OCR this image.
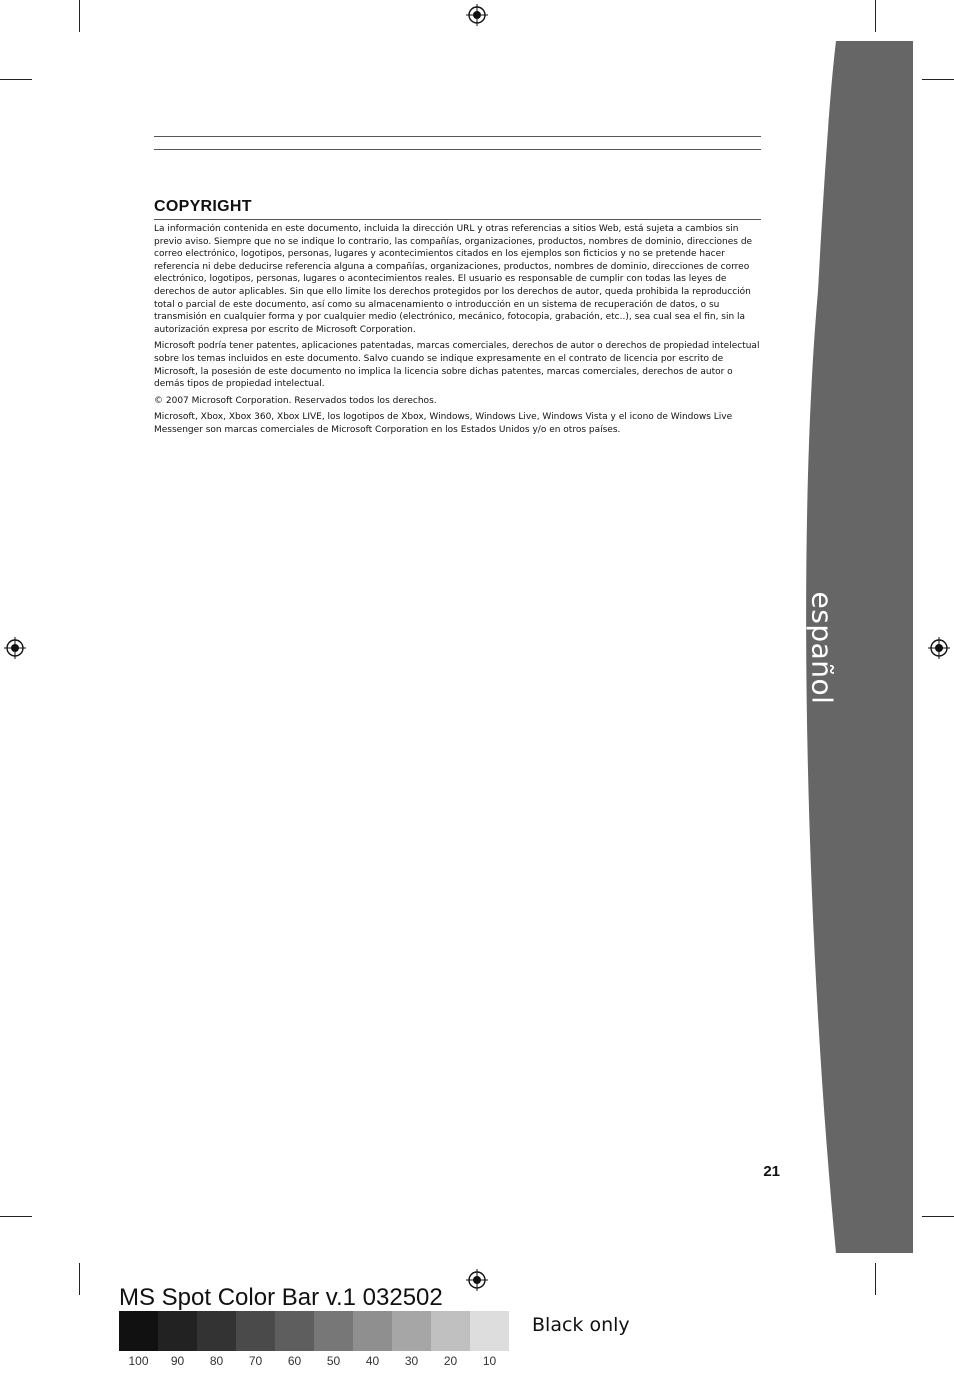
COPYRIGHT

La información contenida en este documento, incluida la dirección URL y otras referencias a sitios Web, está sujeta a cambios sin previo aviso. Siempre que no se indique lo contrario, las compañías, organizaciones, productos, nombres de dominio, direcciones de correo electrónico, logotipos, personas, lugares y acontecimientos citados en los ejemplos son ficticios y no se pretende hacer referencia ni debe deducirse referencia alguna a compañías, organizaciones, productos, nombres de dominio, direcciones de correo electrónico, logotipos, personas, lugares o acontecimientos reales. El usuario es responsable de cumplir con todas las leyes de derechos de autor aplicables. Sin que ello limite los derechos protegidos por los derechos de autor, queda prohibida la reproducción total o parcial de este documento, así como su almacenamiento o introducción en un sistema de recuperación de datos, o su transmisión en cualquier forma y por cualquier medio (electrónico, mecánico, fotocopia, grabación, etc..), sea cual sea el fin, sin la autorización expresa por escrito de Microsoft Corporation.

Microsoft podría tener patentes, aplicaciones patentadas, marcas comerciales, derechos de autor o derechos de propiedad intelectual sobre los temas incluidos en este documento. Salvo cuando se indique expresamente en el contrato de licencia por escrito de Microsoft, la posesión de este documento no implica la licencia sobre dichas patentes, marcas comerciales, derechos de autor o demás tipos de propiedad intelectual.

© 2007 Microsoft Corporation. Reservados todos los derechos.

Microsoft, Xbox, Xbox 360, Xbox LIVE, los logotipos de Xbox, Windows, Windows Live, Windows Vista y el icono de Windows Live Messenger son marcas comerciales de Microsoft Corporation en los Estados Unidos y/o en otros países.

español
21
MS Spot Color Bar v.1 032502
100	90	80	70	60	50	40	30	20	10
Black only
